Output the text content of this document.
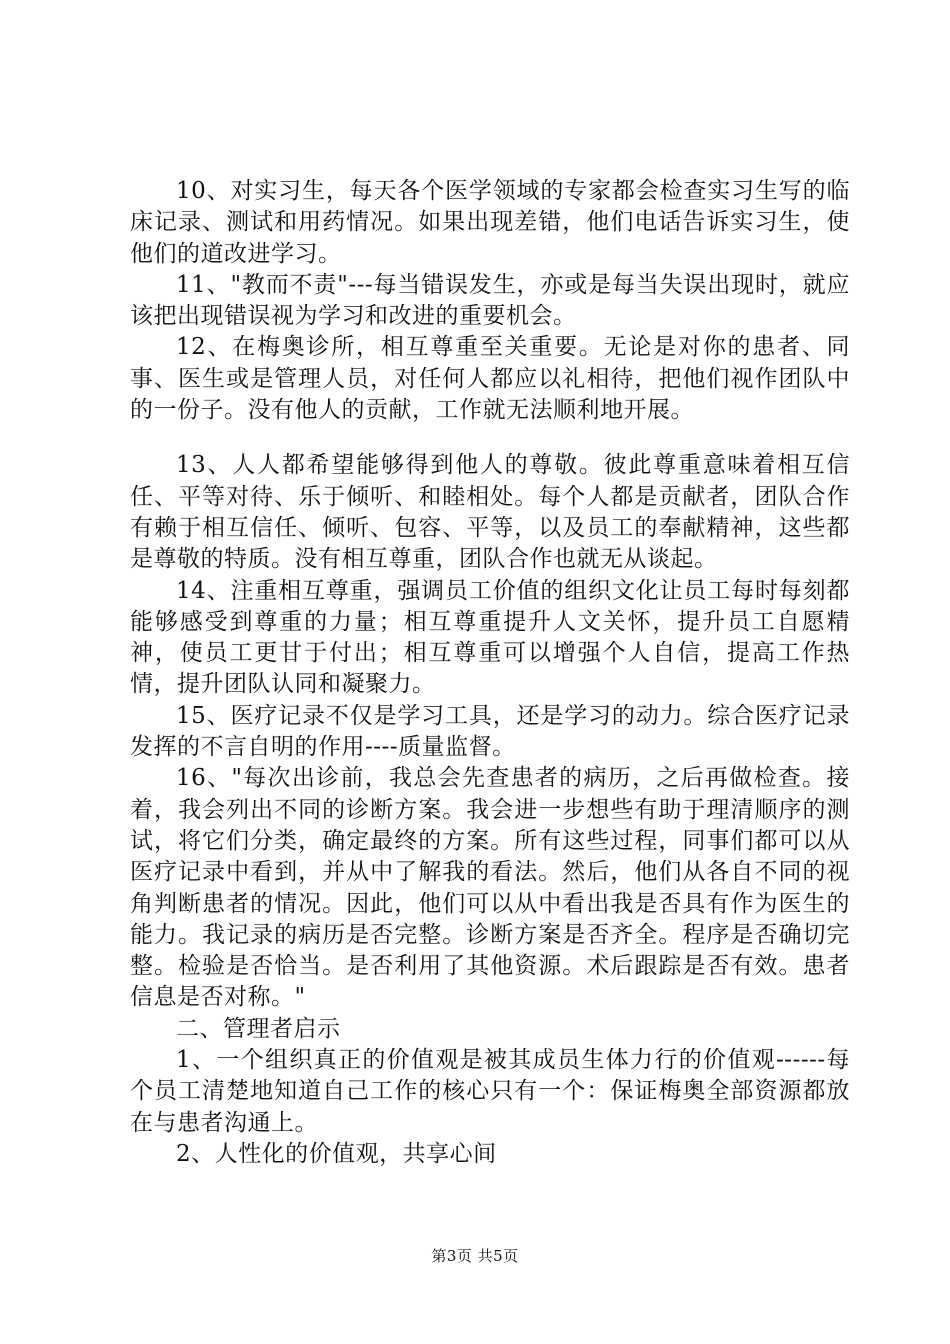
10、对实习生，每天各个医学领域的专家都会检查实习生写的临床记录、测试和用药情况。如果出现差错，他们电话告诉实习生，使他们的道改进学习。

11、"教而不责"---每当错误发生，亦或是每当失误出现时，就应该把出现错误视为学习和改进的重要机会。

12、在梅奥诊所，相互尊重至关重要。无论是对你的患者、同事、医生或是管理人员，对任何人都应以礼相待，把他们视作团队中的一份子。没有他人的贡献，工作就无法顺利地开展。

13、人人都希望能够得到他人的尊敬。彼此尊重意味着相互信任、平等对待、乐于倾听、和睦相处。每个人都是贡献者，团队合作有赖于相互信任、倾听、包容、平等，以及员工的奉献精神，这些都是尊敬的特质。没有相互尊重，团队合作也就无从谈起。

14、注重相互尊重，强调员工价值的组织文化让员工每时每刻都能够感受到尊重的力量；相互尊重提升人文关怀，提升员工自愿精神，使员工更甘于付出；相互尊重可以增强个人自信，提高工作热情，提升团队认同和凝聚力。

15、医疗记录不仅是学习工具，还是学习的动力。综合医疗记录发挥的不言自明的作用----质量监督。

16、"每次出诊前，我总会先查患者的病历，之后再做检查。接着，我会列出不同的诊断方案。我会进一步想些有助于理清顺序的测试，将它们分类，确定最终的方案。所有这些过程，同事们都可以从医疗记录中看到，并从中了解我的看法。然后，他们从各自不同的视角判断患者的情况。因此，他们可以从中看出我是否具有作为医生的能力。我记录的病历是否完整。诊断方案是否齐全。程序是否确切完整。检验是否恰当。是否利用了其他资源。术后跟踪是否有效。患者信息是否对称。"

二、管理者启示

1、一个组织真正的价值观是被其成员生体力行的价值观------每个员工清楚地知道自己工作的核心只有一个：保证梅奥全部资源都放在与患者沟通上。

2、人性化的价值观，共享心间

第3页 共5页
